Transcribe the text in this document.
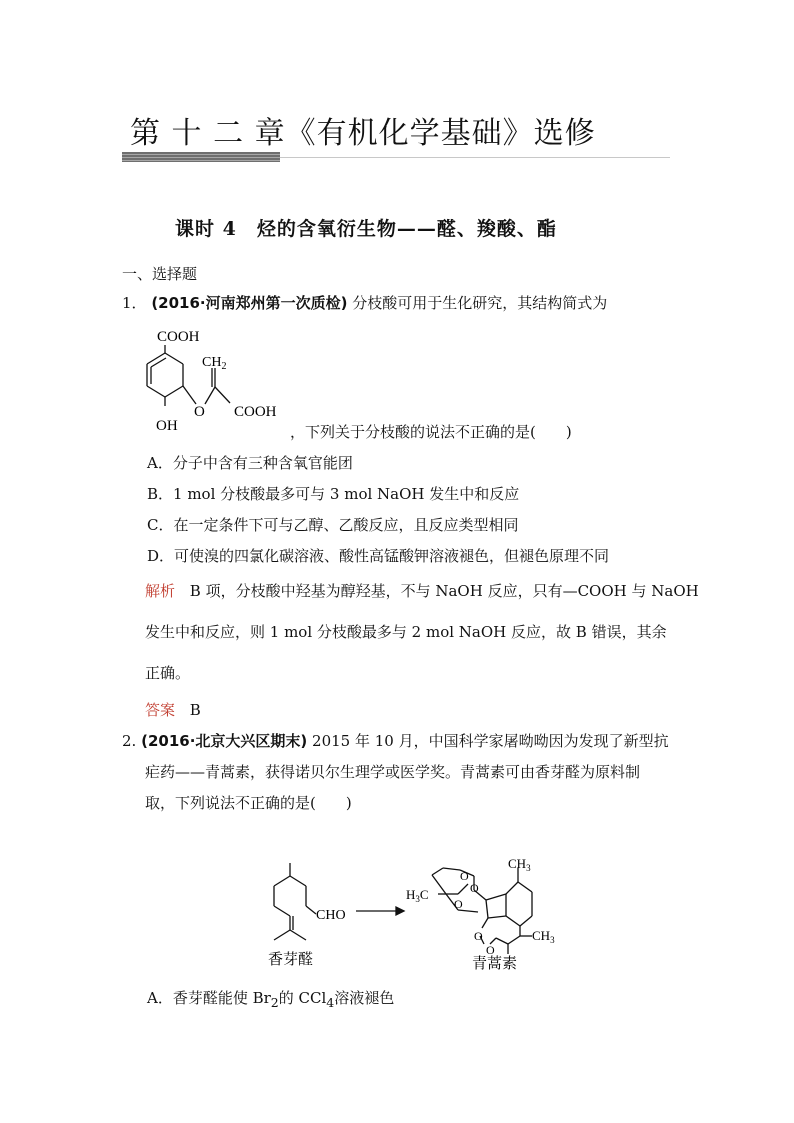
第 十 二 章《有机化学基础》选修
课时 4　烃的含氧衍生物——醛、羧酸、酯
一、选择题
1． (2016·河南郑州第一次质检) 分枝酸可用于生化研究，其结构简式为
COOH
$CH_2$
O COOH
OH	，下列关于分枝酸的说法不正确的是(　　)
A．分子中含有三种含氧官能团
B．1 mol 分枝酸最多可与 3 mol NaOH 发生中和反应
C．在一定条件下可与乙醇、乙酸反应，且反应类型相同
D．可使溴的四氯化碳溶液、酸性高锰酸钾溶液褪色，但褪色原理不同
解析 B 项，分枝酸中羟基为醇羟基，不与 NaOH 反应，只有—COOH 与 NaOH
发生中和反应，则 1 mol 分枝酸最多与 2 mol NaOH 反应，故 B 错误，其余
正确。
答案 B
2. (2016·北京大兴区期末) 2015 年 10 月，中国科学家屠呦呦因为发现了新型抗
疟药——青蒿素，获得诺贝尔生理学或医学奖。青蒿素可由香芽醛为原料制
取，下列说法不正确的是(　　)
CHO
香芽醛
$CH_3$
$H_3C$
$CH_3$
O
O
O
O
O
青蒿素
A．香芽醛能使 $Br_2$的 CCl$_4$溶液褪色
